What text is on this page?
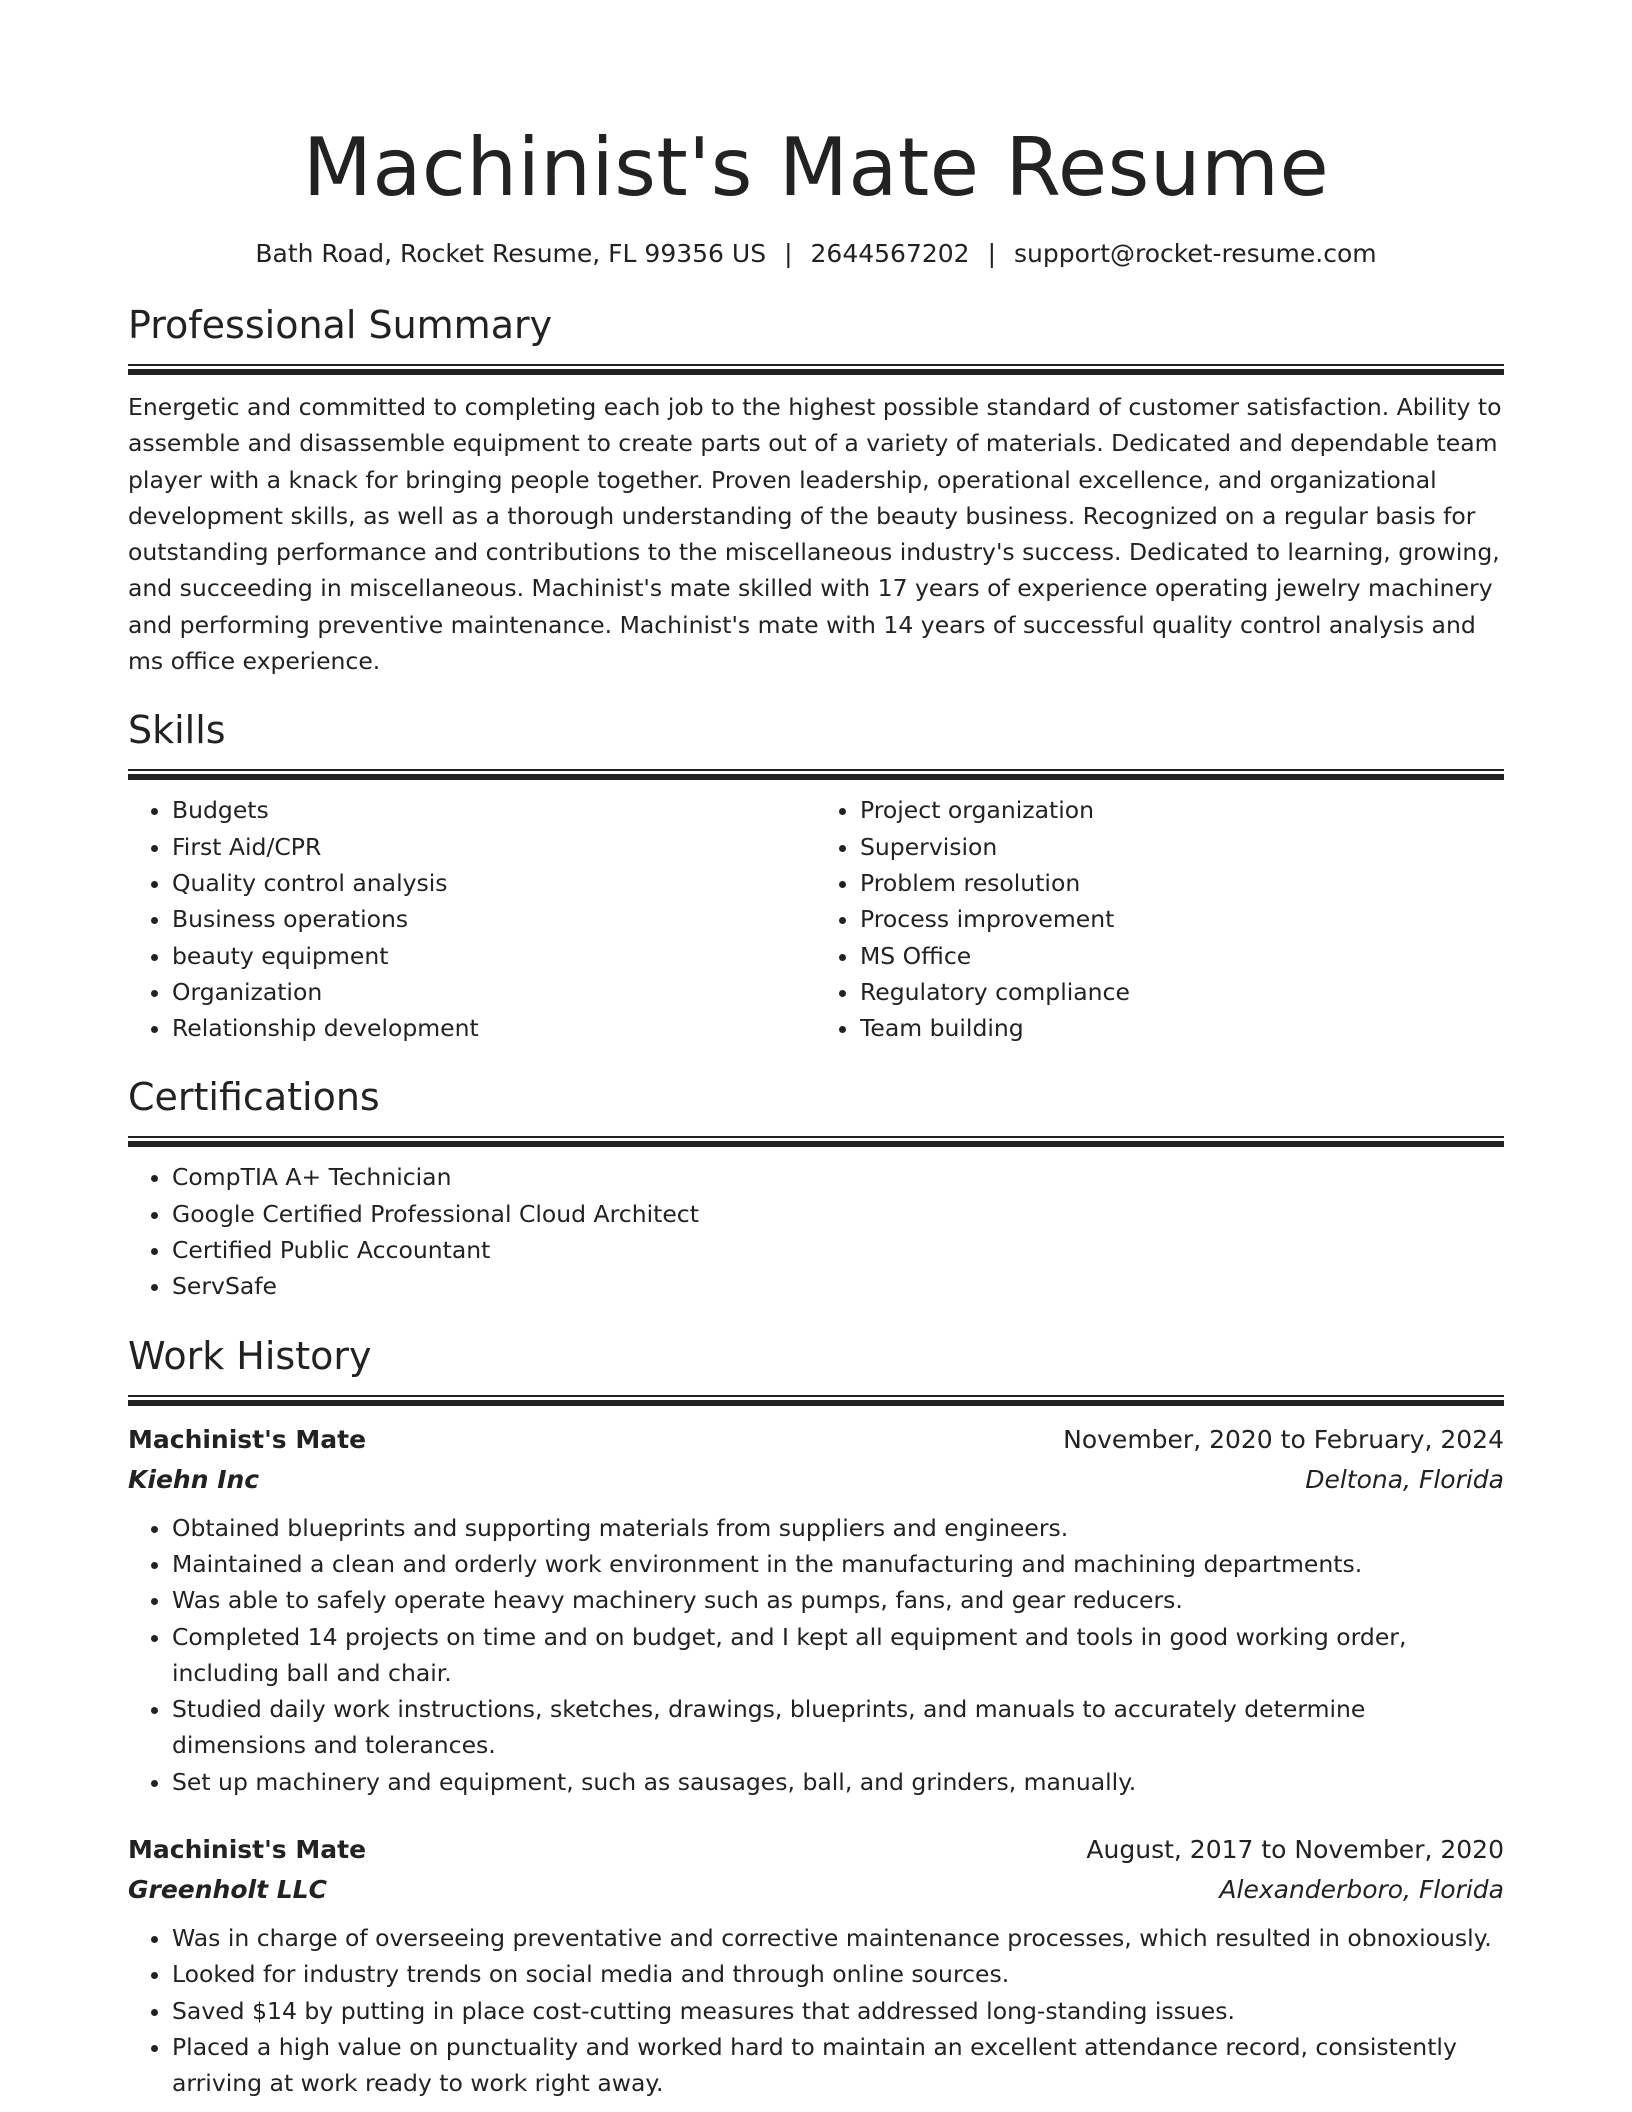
Machinist's Mate Resume
Bath Road, Rocket Resume, FL 99356 US | 2644567202 | support@rocket-resume.com
Professional Summary

Energetic and committed to completing each job to the highest possible standard of customer satisfaction. Ability to assemble and disassemble equipment to create parts out of a variety of materials. Dedicated and dependable team player with a knack for bringing people together. Proven leadership, operational excellence, and organizational development skills, as well as a thorough understanding of the beauty business. Recognized on a regular basis for outstanding performance and contributions to the miscellaneous industry's success. Dedicated to learning, growing, and succeeding in miscellaneous. Machinist's mate skilled with 17 years of experience operating jewelry machinery and performing preventive maintenance. Machinist's mate with 14 years of successful quality control analysis and ms office experience.

Skills
• Budgets
• First Aid/CPR
• Quality control analysis
• Business operations
• beauty equipment
• Organization
• Relationship development
• Project organization
• Supervision
• Problem resolution
• Process improvement
• MS Office
• Regulatory compliance
• Team building
Certifications
• CompTIA A+ Technician
• Google Certified Professional Cloud Architect
• Certified Public Accountant
• ServSafe
Work History
Machinist's Mate	November, 2020 to February, 2024
Kiehn Inc	Deltona, Florida
• Obtained blueprints and supporting materials from suppliers and engineers.
• Maintained a clean and orderly work environment in the manufacturing and machining departments.
• Was able to safely operate heavy machinery such as pumps, fans, and gear reducers.
• Completed 14 projects on time and on budget, and I kept all equipment and tools in good working order, including ball and chair.
• Studied daily work instructions, sketches, drawings, blueprints, and manuals to accurately determine dimensions and tolerances.
• Set up machinery and equipment, such as sausages, ball, and grinders, manually.
Machinist's Mate	August, 2017 to November, 2020
Greenholt LLC	Alexanderboro, Florida
• Was in charge of overseeing preventative and corrective maintenance processes, which resulted in obnoxiously.
• Looked for industry trends on social media and through online sources.
• Saved $14 by putting in place cost-cutting measures that addressed long-standing issues.
• Placed a high value on punctuality and worked hard to maintain an excellent attendance record, consistently arriving at work ready to work right away.
